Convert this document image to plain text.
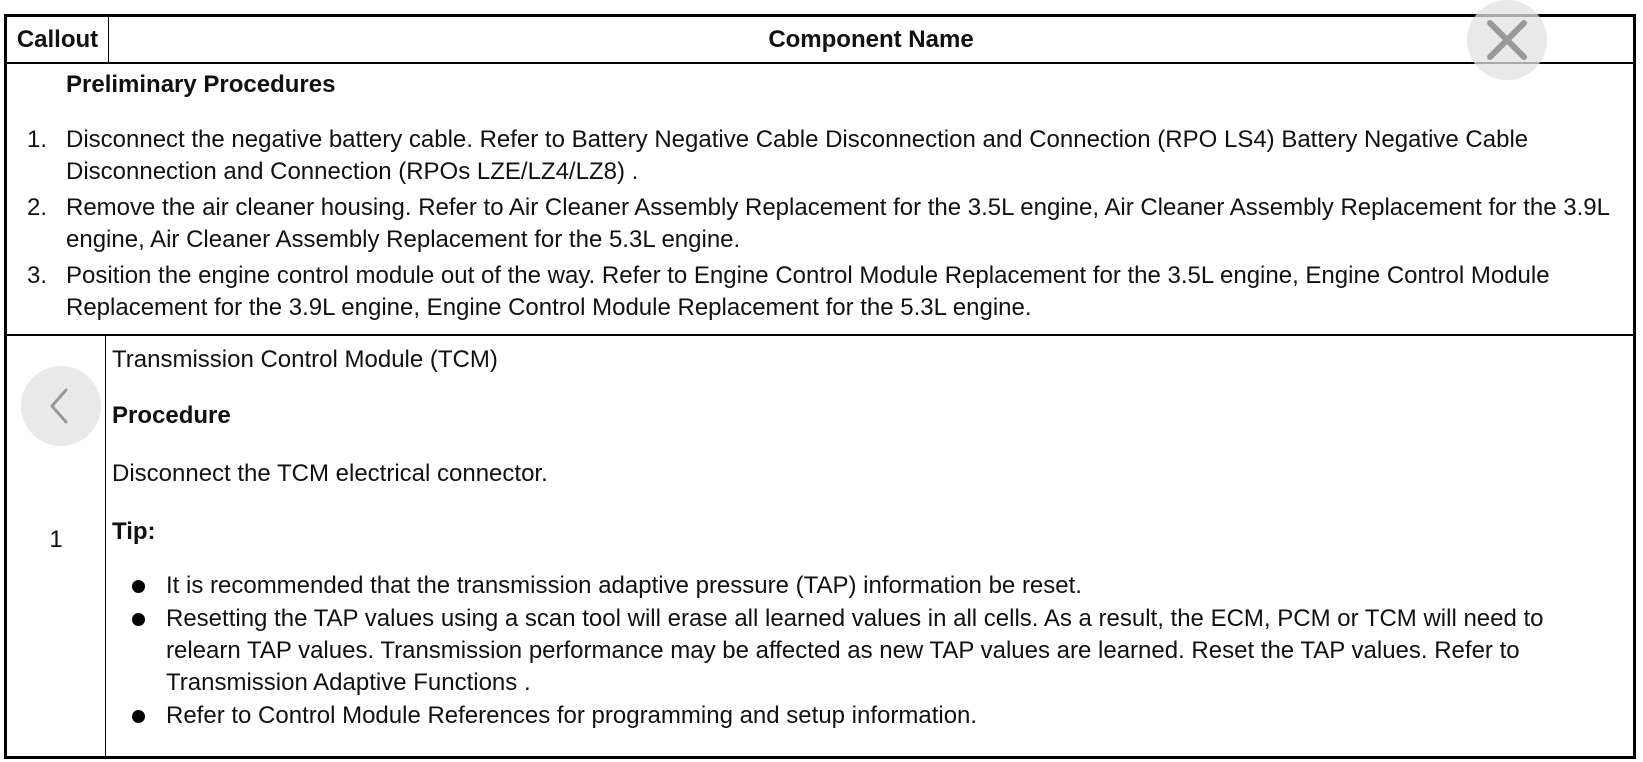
Callout	Component Name
Preliminary Procedures
1. Disconnect the negative battery cable. Refer to Battery Negative Cable Disconnection and Connection (RPO LS4) Battery Negative Cable Disconnection and Connection (RPOs LZE/LZ4/LZ8) .
2. Remove the air cleaner housing. Refer to Air Cleaner Assembly Replacement for the 3.5L engine, Air Cleaner Assembly Replacement for the 3.9L engine, Air Cleaner Assembly Replacement for the 5.3L engine.
3. Position the engine control module out of the way. Refer to Engine Control Module Replacement for the 3.5L engine, Engine Control Module Replacement for the 3.9L engine, Engine Control Module Replacement for the 5.3L engine.
1
Transmission Control Module (TCM)
Procedure
Disconnect the TCM electrical connector.
Tip:
It is recommended that the transmission adaptive pressure (TAP) information be reset.
Resetting the TAP values using a scan tool will erase all learned values in all cells. As a result, the ECM, PCM or TCM will need to relearn TAP values. Transmission performance may be affected as new TAP values are learned. Reset the TAP values. Refer to Transmission Adaptive Functions .
Refer to Control Module References for programming and setup information.
